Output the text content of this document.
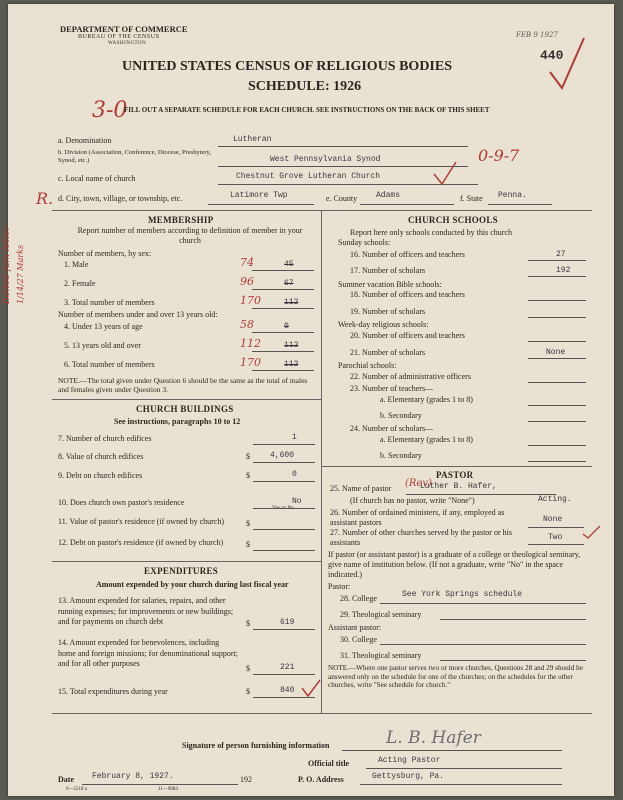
DEPARTMENT OF COMMERCE
BUREAU OF THE CENSUS
WASHINGTON
FEB 9 1927
440
UNITED STATES CENSUS OF RELIGIOUS BODIES
SCHEDULE: 1926
3-0
FILL OUT A SEPARATE SCHEDULE FOR EACH CHURCH. SEE INSTRUCTIONS ON THE BACK OF THIS SHEET
a. Denomination	Lutheran
b. Division (Association, Conference, Diocese, Presbytery, Synod, etc.)	West Pennsylvania Synod	0-9-7
c. Local name of church	Chestnut Grove Lutheran Church
R. d. City, town, village, or township, etc.	Latimore Twp	e. County Adams	f. State Penna.
Edited fam letter 1/14/27 Marks
MEMBERSHIP
Report number of members according to definition of member in your church
Number of members, by sex:
1. Male	74	45
2. Female	96	67
3. Total number of members	170	112
Number of members under and over 13 years old:
4. Under 13 years of age	58	0
5. 13 years old and over	112	112
6. Total number of members	170	112
NOTE.—The total given under Question 6 should be the same as the total of males and females given under Question 3.
CHURCH BUILDINGS
See instructions, paragraphs 10 to 12
7. Number of church edifices	1
8. Value of church edifices	$	4,600
9. Debt on church edifices	$	0
10. Does church own pastor's residence	No
11. Value of pastor's residence (if owned by church)	$
12. Debt on pastor's residence (if owned by church)	$
Yes or No
EXPENDITURES
Amount expended by your church during last fiscal year
13. Amount expended for salaries, repairs, and other running expenses; for improvements or new buildings; and for payments on church debt	$	619
14. Amount expended for benevolences, including home and foreign missions; for denominational support; and for all other purposes
$	221
15. Total expenditures during year	$	840
CHURCH SCHOOLS
Report here only schools conducted by this church
Sunday schools:
16. Number of officers and teachers	27
17. Number of scholars	192
Summer vacation Bible schools:
18. Number of officers and teachers
19. Number of scholars
Week-day religious schools:
20. Number of officers and teachers
21. Number of scholars	None
Parochial schools:
22. Number of administrative officers
23. Number of teachers—
a. Elementary (grades 1 to 8)
b. Secondary
24. Number of scholars—
a. Elementary (grades 1 to 8)
b. Secondary
PASTOR
25. Name of pastor (Rev)
Luther B. Hafer,
(If church has no pastor, write "None")	Acting.
26. Number of ordained ministers, if any, employed as assistant pastors	None
27. Number of other churches served by the pastor or his assistants
Two
If pastor (or assistant pastor) is a graduate of a college or theological seminary, give name of institution below. (If not a graduate, write "No" in the space indicated.)
Pastor:
28. College	See York Springs schedule
29. Theological seminary
Assistant pastor:
30. College
31. Theological seminary
NOTE.—Where one pastor serves two or more churches, Questions 28 and 29 should be answered only on the schedule for one of the churches; on the schedules for the other churches, write "See schedule for church."
Signature of person furnishing information	L. B. Hafer
Official title	Acting Pastor
Date February 8, 1927.	192	P. O. Address	Gettysburg, Pa.
6—5518 a	11—9084
